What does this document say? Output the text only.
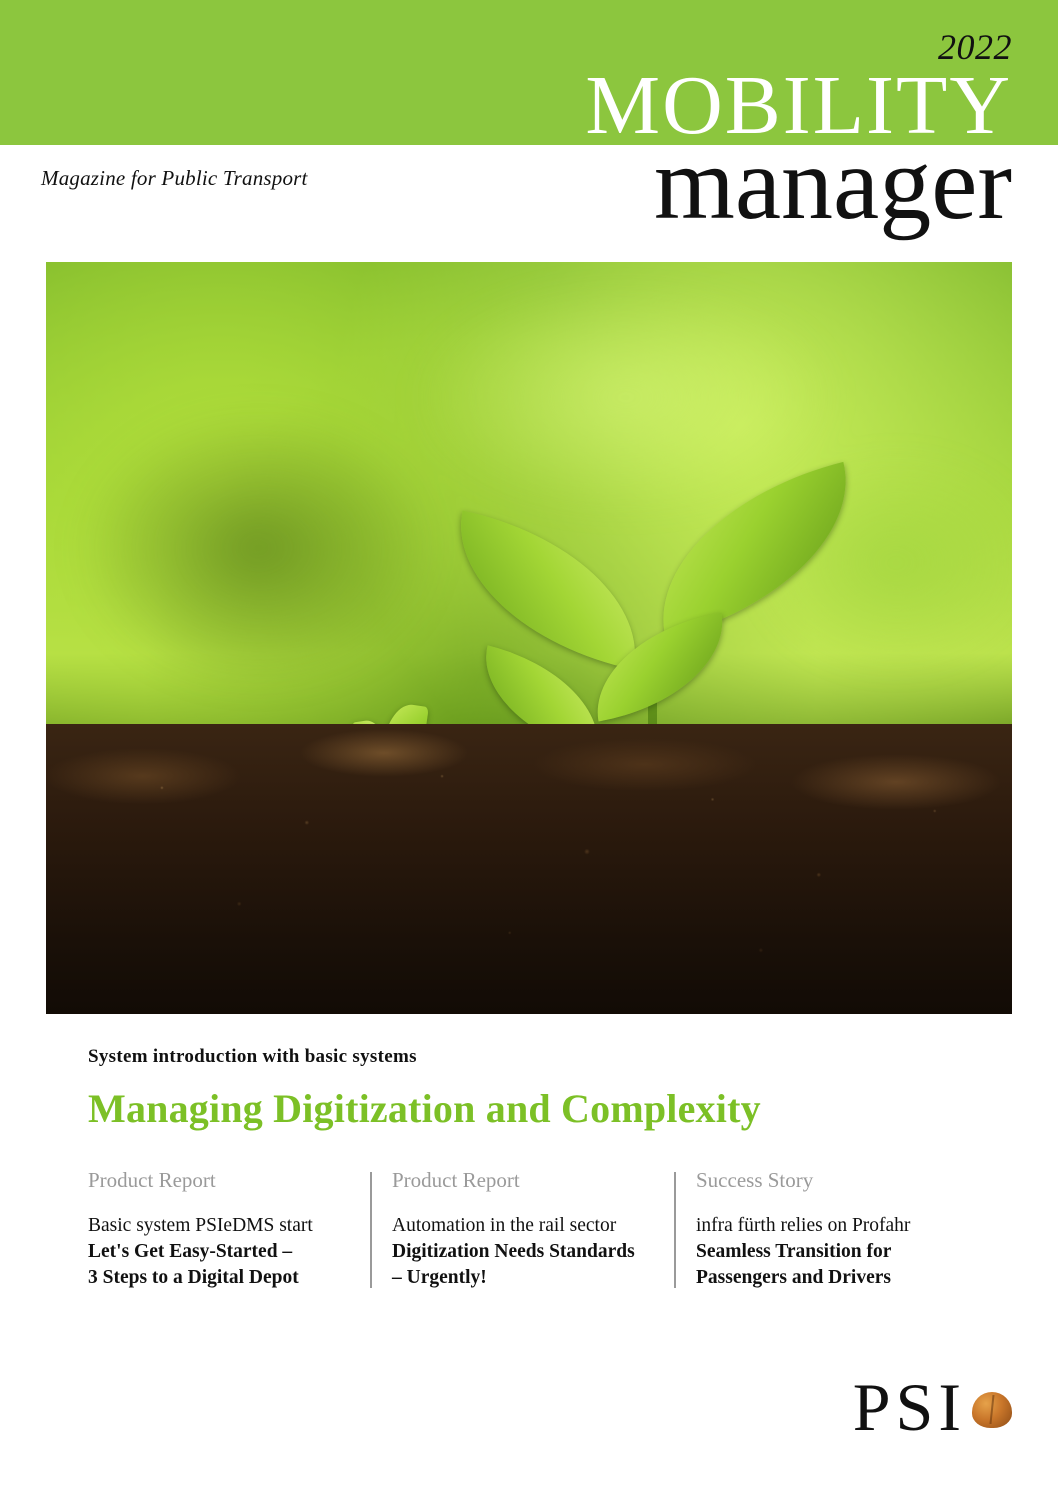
2022
MOBILITY
manager
Magazine for Public Transport
System introduction with basic systems
Managing Digitization and Complexity
Product Report
Basic system PSIeDMS start
Let's Get Easy-Started –
3 Steps to a Digital Depot
Product Report
Automation in the rail sector
Digitization Needs Standards
– Urgently!
Success Story
infra fürth relies on Profahr
Seamless Transition for
Passengers and Drivers
PSI
